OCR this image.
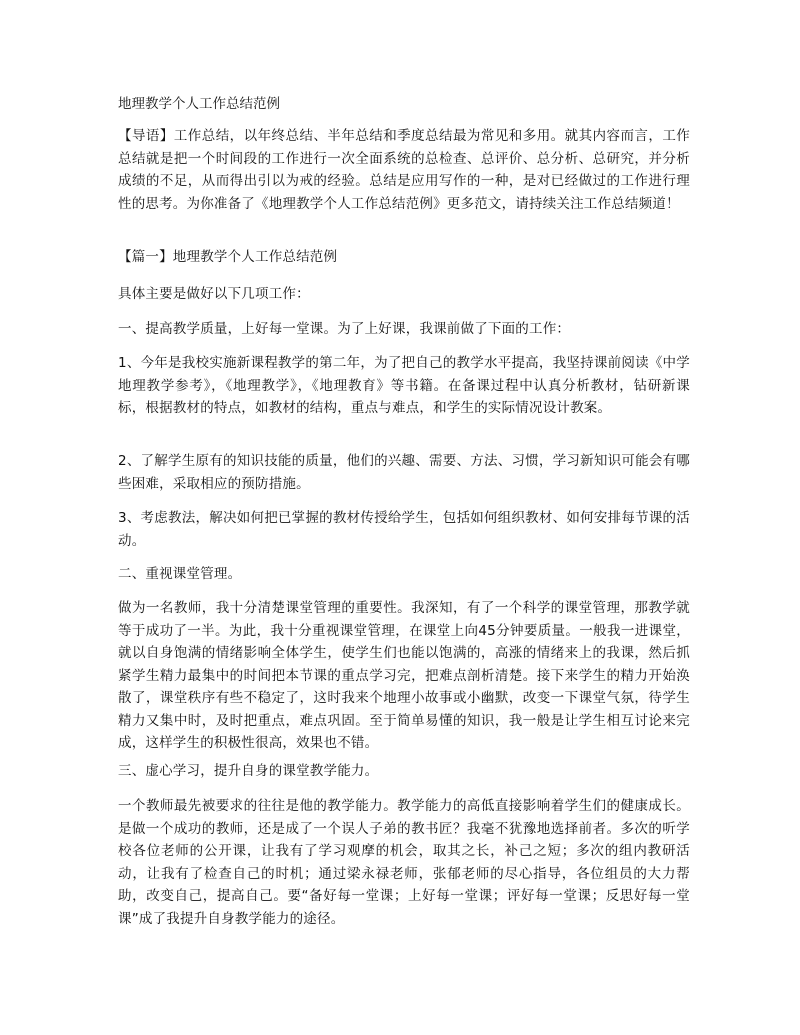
地理教学个人工作总结范例
【导语】工作总结，以年终总结、半年总结和季度总结最为常见和多用。就其内容而言，工作总结就是把一个时间段的工作进行一次全面系统的总检查、总评价、总分析、总研究，并分析成绩的不足，从而得出引以为戒的经验。总结是应用写作的一种，是对已经做过的工作进行理性的思考。为你准备了《地理教学个人工作总结范例》更多范文，请持续关注工作总结频道！
【篇一】地理教学个人工作总结范例
具体主要是做好以下几项工作：
一、提高教学质量，上好每一堂课。为了上好课，我课前做了下面的工作：
1、今年是我校实施新课程教学的第二年，为了把自己的教学水平提高，我坚持课前阅读《中学地理教学参考》，《地理教学》，《地理教育》等书籍。在备课过程中认真分析教材，钻研新课标，根据教材的特点，如教材的结构，重点与难点，和学生的实际情况设计教案。
2、了解学生原有的知识技能的质量，他们的兴趣、需要、方法、习惯，学习新知识可能会有哪些困难，采取相应的预防措施。
3、考虑教法，解决如何把已掌握的教材传授给学生，包括如何组织教材、如何安排每节课的活动。
二、重视课堂管理。
做为一名教师，我十分清楚课堂管理的重要性。我深知，有了一个科学的课堂管理，那教学就等于成功了一半。为此，我十分重视课堂管理，在课堂上向45分钟要质量。一般我一进课堂，就以自身饱满的情绪影响全体学生，使学生们也能以饱满的，高涨的情绪来上的我课，然后抓紧学生精力最集中的时间把本节课的重点学习完，把难点剖析清楚。接下来学生的精力开始涣散了，课堂秩序有些不稳定了，这时我来个地理小故事或小幽默，改变一下课堂气氛，待学生精力又集中时，及时把重点，难点巩固。至于简单易懂的知识，我一般是让学生相互讨论来完成，这样学生的积极性很高，效果也不错。
三、虚心学习，提升自身的课堂教学能力。
一个教师最先被要求的往往是他的教学能力。教学能力的高低直接影响着学生们的健康成长。是做一个成功的教师，还是成了一个误人子弟的教书匠？我毫不犹豫地选择前者。多次的听学校各位老师的公开课，让我有了学习观摩的机会，取其之长，补己之短；多次的组内教研活动，让我有了检查自己的时机；通过梁永禄老师，张郁老师的尽心指导，各位组员的大力帮助，改变自己，提高自己。要“备好每一堂课；上好每一堂课；评好每一堂课；反思好每一堂课”成了我提升自身教学能力的途径。
